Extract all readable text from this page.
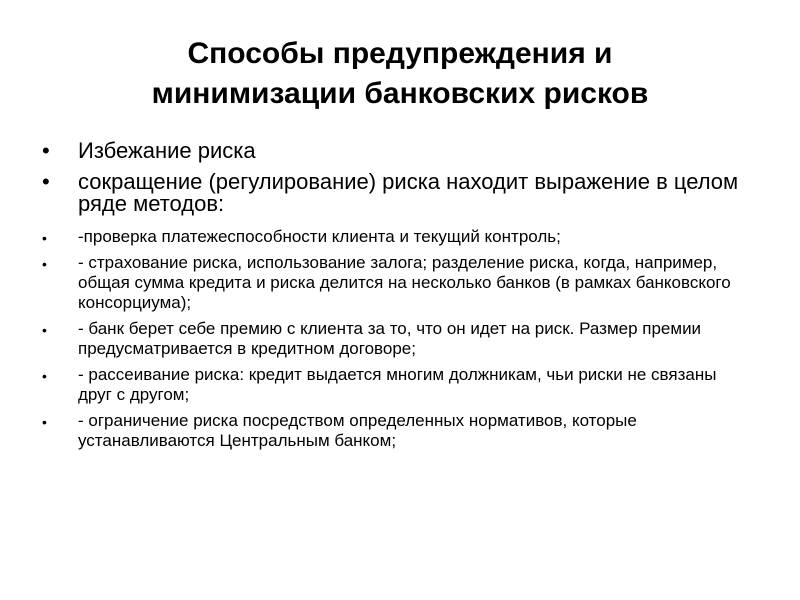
Способы предупреждения и
минимизации банковских рисков
• Избежание риска
• сокращение (регулирование) риска находит выражение в целом ряде методов:
• -проверка платежеспособности клиента и текущий контроль;
• - страхование риска, использование залога; разделение риска, когда, например, общая сумма кредита и риска делится на несколько банков (в рамках банковского консорциума);
• - банк берет себе премию с клиента за то, что он идет на риск. Размер премии предусматривается в кредитном договоре;
• - рассеивание риска: кредит выдается многим должникам, чьи риски не связаны друг с другом;
• - ограничение риска посредством определенных нормативов, которые устанавливаются Центральным банком;
